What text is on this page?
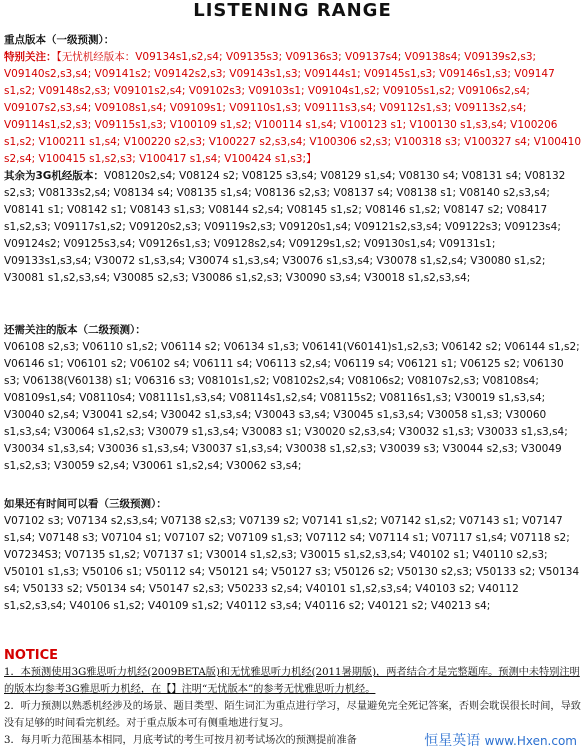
LISTENING RANGE

重点版本（一级预测）：

特别关注：【无忧机经版本：V09134s1,s2,s4; V09135s3; V09136s3; V09137s4; V09138s4; V09139s2,s3; V09140s2,s3,s4; V09141s2; V09142s2,s3; V09143s1,s3; V09144s1; V09145s1,s3; V09146s1,s3; V09147 s1,s2; V09148s2,s3; V09101s2,s4; V09102s3; V09103s1; V09104s1,s2; V09105s1,s2; V09106s2,s4; V09107s2,s3,s4; V09108s1,s4; V09109s1; V09110s1,s3; V09111s3,s4; V09112s1,s3; V09113s2,s4; V09114s1,s2,s3; V09115s1,s3; V100109 s1,s2; V100114 s1,s4; V100123 s1; V100130 s1,s3,s4; V100206 s1,s2; V100211 s1,s4; V100220 s2,s3; V100227 s2,s3,s4; V100306 s2,s3; V100318 s3; V100327 s4; V100410 s2,s4; V100415 s1,s2,s3; V100417 s1,s4; V100424 s1,s3;】

其余为3G机经版本：V08120s2,s4; V08124 s2; V08125 s3,s4; V08129 s1,s4; V08130 s4; V08131 s4; V08132 s2,s3; V08133s2,s4; V08134 s4; V08135 s1,s4; V08136 s2,s3; V08137 s4; V08138 s1; V08140 s2,s3,s4; V08141 s1; V08142 s1; V08143 s1,s3; V08144 s2,s4; V08145 s1,s2; V08146 s1,s2; V08147 s2; V08417 s1,s2,s3; V09117s1,s2; V09120s2,s3; V09119s2,s3; V09120s1,s4; V09121s2,s3,s4; V09122s3; V09123s4; V09124s2; V09125s3,s4; V09126s1,s3; V09128s2,s4; V09129s1,s2; V09130s1,s4; V09131s1; V09133s1,s3,s4; V30072 s1,s3,s4; V30074 s1,s3,s4; V30076 s1,s3,s4; V30078 s1,s2,s4; V30080 s1,s2; V30081 s1,s2,s3,s4; V30085 s2,s3; V30086 s1,s2,s3; V30090 s3,s4; V30018 s1,s2,s3,s4;

还需关注的版本（二级预测）：

V06108 s2,s3; V06110 s1,s2; V06114 s2; V06134 s1,s3; V06141(V60141)s1,s2,s3; V06142 s2; V06144 s1,s2; V06146 s1; V06101 s2; V06102 s4; V06111 s4; V06113 s2,s4; V06119 s4; V06121 s1; V06125 s2; V06130 s3; V06138(V60138) s1; V06316 s3; V08101s1,s2; V08102s2,s4; V08106s2; V08107s2,s3; V08108s4; V08109s1,s4; V08110s4; V08111s1,s3,s4; V08114s1,s2,s4; V08115s2; V08116s1,s3; V30019 s1,s3,s4; V30040 s2,s4; V30041 s2,s4; V30042 s1,s3,s4; V30043 s3,s4; V30045 s1,s3,s4; V30058 s1,s3; V30060 s1,s3,s4; V30064 s1,s2,s3; V30079 s1,s3,s4; V30083 s1; V30020 s2,s3,s4; V30032 s1,s3; V30033 s1,s3,s4; V30034 s1,s3,s4; V30036 s1,s3,s4; V30037 s1,s3,s4; V30038 s1,s2,s3; V30039 s3; V30044 s2,s3; V30049 s1,s2,s3; V30059 s2,s4; V30061 s1,s2,s4; V30062 s3,s4;

如果还有时间可以看（三级预测）：

V07102 s3; V07134 s2,s3,s4; V07138 s2,s3; V07139 s2; V07141 s1,s2; V07142 s1,s2; V07143 s1; V07147 s1,s4; V07148 s3; V07104 s1; V07107 s2; V07109 s1,s3; V07112 s4; V07114 s1; V07117 s1,s4; V07118 s2; V07234S3; V07135 s1,s2; V07137 s1; V30014 s1,s2,s3; V30015 s1,s2,s3,s4; V40102 s1; V40110 s2,s3; V50101 s1,s3; V50106 s1; V50112 s4; V50121 s4; V50127 s3; V50126 s2; V50130 s2,s3; V50133 s2; V50134 s4; V50133 s2; V50134 s4; V50147 s2,s3; V50233 s2,s4; V40101 s1,s2,s3,s4; V40103 s2; V40112 s1,s2,s3,s4; V40106 s1,s2; V40109 s1,s2; V40112 s3,s4; V40116 s2; V40121 s2; V40213 s4;

NOTICE

1．本预测使用3G雅思听力机经(2009BETA版)和无忧雅思听力机经(2011暑期版)，两者结合才是完整题库。预测中未特别注明的版本均参考3G雅思听力机经，在【】注明“无忧版本”的参考无忧雅思听力机经。

2．听力预测以熟悉机经涉及的场景、题目类型、陌生词汇为重点进行学习，尽量避免完全死记答案，否则会耽误很长时间，导致没有足够的时间看完机经。对于重点版本可有侧重地进行复习。

3．每月听力范围基本相同，月底考试的考生可按月初考试场次的预测提前准备	恒星英语 www.Hxen.com
